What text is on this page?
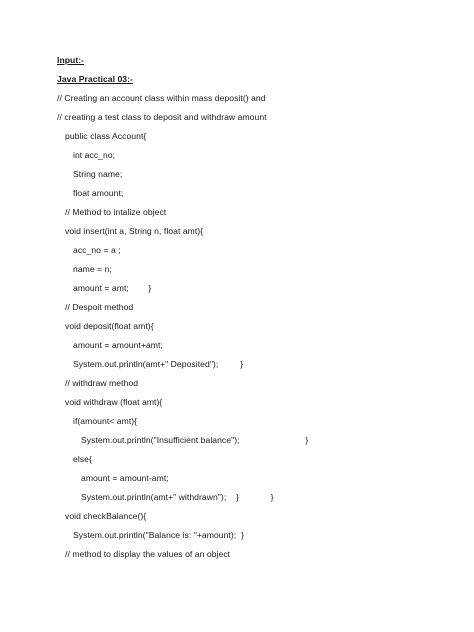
Input:-
Java Practical 03:-
// Creating an account class within mass deposit() and
// creating a test class to deposit and withdraw amount
public class Account{
int acc_no;
String name;
float amount;
// Method to intalize object
void insert(int a, String n, float amt){
acc_no = a ;
name = n;
amount = amt;        }
// Despoit method
void deposit(float amt){
amount = amount+amt;
System.out.println(amt+" Deposited");         }
// withdraw method
void withdraw (float amt){
if(amount< amt){
System.out.println("Insufficient balance");                           }
else{
amount = amount-amt;
System.out.println(amt+" withdrawn");    }             }
void checkBalance(){
System.out.println("Balance is: "+amount);  }
// method to display the values of an object
